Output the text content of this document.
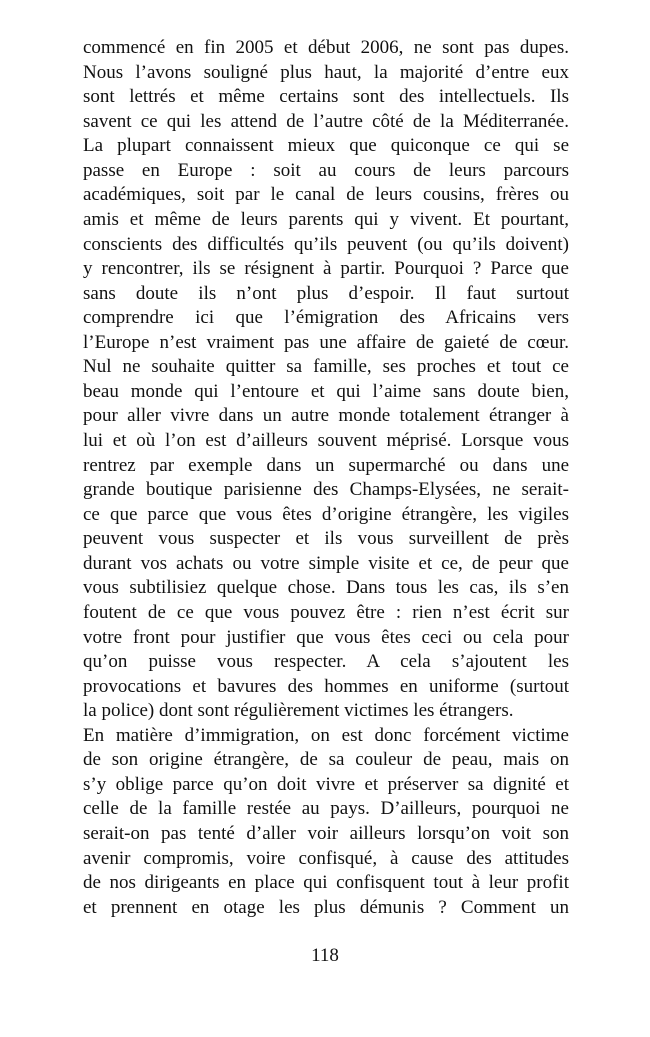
commencé en fin 2005 et début 2006, ne sont pas dupes.
Nous l’avons souligné plus haut, la majorité d’entre eux
sont lettrés et même certains sont des intellectuels. Ils
savent ce qui les attend de l’autre côté de la Méditerranée.
La plupart connaissent mieux que quiconque ce qui se
passe en Europe : soit au cours de leurs parcours
académiques, soit par le canal de leurs cousins, frères ou
amis et même de leurs parents qui y vivent. Et pourtant,
conscients des difficultés qu’ils peuvent (ou qu’ils doivent)
y rencontrer, ils se résignent à partir. Pourquoi ? Parce que
sans doute ils n’ont plus d’espoir. Il faut surtout
comprendre ici que l’émigration des Africains vers
l’Europe n’est vraiment pas une affaire de gaieté de cœur.
Nul ne souhaite quitter sa famille, ses proches et tout ce
beau monde qui l’entoure et qui l’aime sans doute bien,
pour aller vivre dans un autre monde totalement étranger à
lui et où l’on est d’ailleurs souvent méprisé. Lorsque vous
rentrez par exemple dans un supermarché ou dans une
grande boutique parisienne des Champs-Elysées, ne serait-
ce que parce que vous êtes d’origine étrangère, les vigiles
peuvent vous suspecter et ils vous surveillent de près
durant vos achats ou votre simple visite et ce, de peur que
vous subtilisiez quelque chose. Dans tous les cas, ils s’en
foutent de ce que vous pouvez être : rien n’est écrit sur
votre front pour justifier que vous êtes ceci ou cela pour
qu’on puisse vous respecter. A cela s’ajoutent les
provocations et bavures des hommes en uniforme (surtout
la police) dont sont régulièrement victimes les étrangers.
En matière d’immigration, on est donc forcément victime
de son origine étrangère, de sa couleur de peau, mais on
s’y oblige parce qu’on doit vivre et préserver sa dignité et
celle de la famille restée au pays. D’ailleurs, pourquoi ne
serait-on pas tenté d’aller voir ailleurs lorsqu’on voit son
avenir compromis, voire confisqué, à cause des attitudes
de nos dirigeants en place qui confisquent tout à leur profit
et prennent en otage les plus démunis ? Comment un
118
